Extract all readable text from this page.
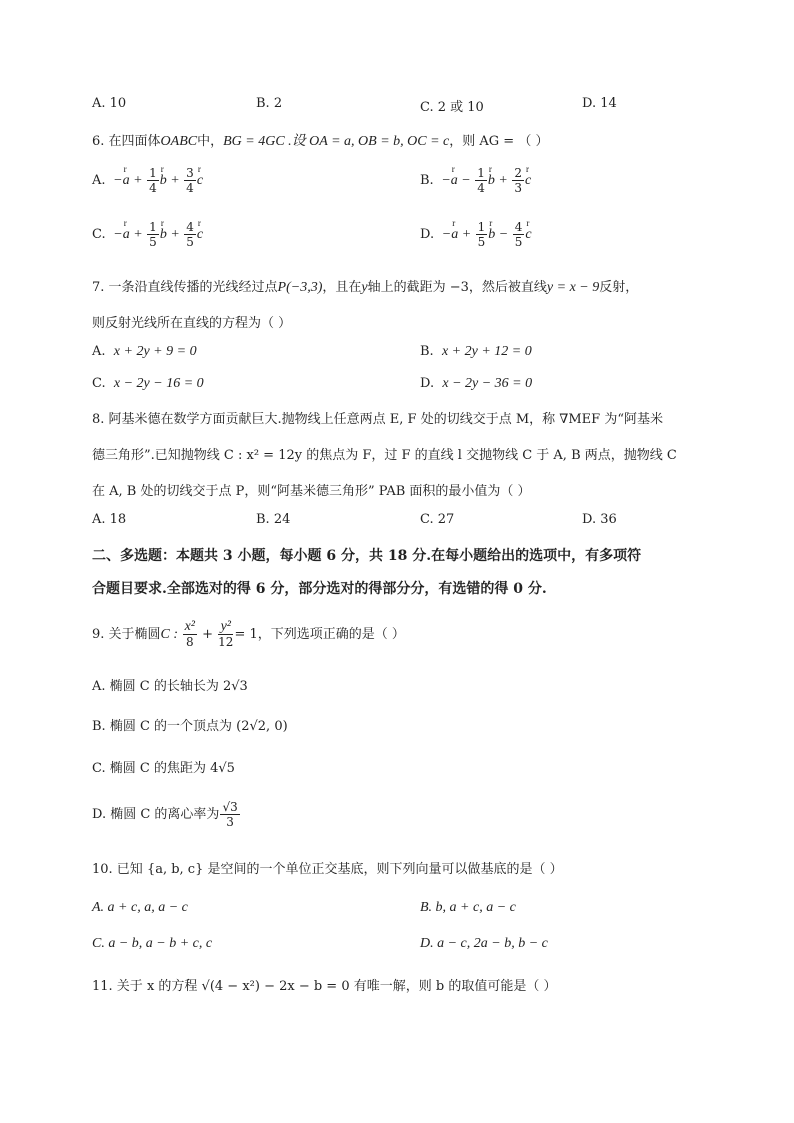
A. 10	B. 2	C. 2 或 10	D. 14
6. 在四面体OABC中，BG = 4GC .设 OA = a, OB = b, OC = c，则 AG = （ ）
A.  −r $a + \frac{1}{4}$ r $b + \frac{3}{4}$ r c	B.  −r $a - \frac{1}{4}$ r $b + \frac{2}{3}$ r c
C.  −r $a + \frac{1}{5}$ r $b + \frac{4}{5}$ r c	D.  −r $a + \frac{1}{5}$ r $b - \frac{4}{5}$ r c
7. 一条沿直线传播的光线经过点P(−3,3)，且在y轴上的截距为 −3，然后被直线y = x − 9反射，
则反射光线所在直线的方程为（ ）
A. x + 2y + 9 = 0	B. x + 2y + 12 = 0
C. x − 2y − 16 = 0	D. x − 2y − 36 = 0
8. 阿基米德在数学方面贡献巨大.抛物线上任意两点 E, F 处的切线交于点 M，称 ∇MEF 为“阿基米
德三角形”.已知抛物线 C : x² = 12y 的焦点为 F，过 F 的直线 l 交抛物线 C 于 A, B 两点，抛物线 C
在 A, B 处的切线交于点 P，则“阿基米德三角形” PAB 面积的最小值为（ ）
A. 18	B. 24	C. 27	D. 36
二、多选题：本题共 3 小题，每小题 6 分，共 18 分.在每小题给出的选项中，有多项符
合题目要求.全部选对的得 6 分，部分选对的得部分分，有选错的得 0 分.
9. 关于椭圆C : $\frac{\text{x²}}{8} + \frac{\text{y²}}{12} = 1$，下列选项正确的是（ ）
A. 椭圆 C 的长轴长为 2√3
B. 椭圆 C 的一个顶点为 (2√2, 0)
C. 椭圆 C 的焦距为 4√5
D. 椭圆 C 的离心率为 $\frac{√3}{3}$
10. 已知 {a, b, c} 是空间的一个单位正交基底，则下列向量可以做基底的是（ ）
A. a + c, a, a − c	B. b, a + c, a − c
C. a − b, a − b + c, c	D. a − c, 2a − b, b − c
11. 关于 x 的方程 √(4 − x²) − 2x − b = 0 有唯一解，则 b 的取值可能是（ ）
